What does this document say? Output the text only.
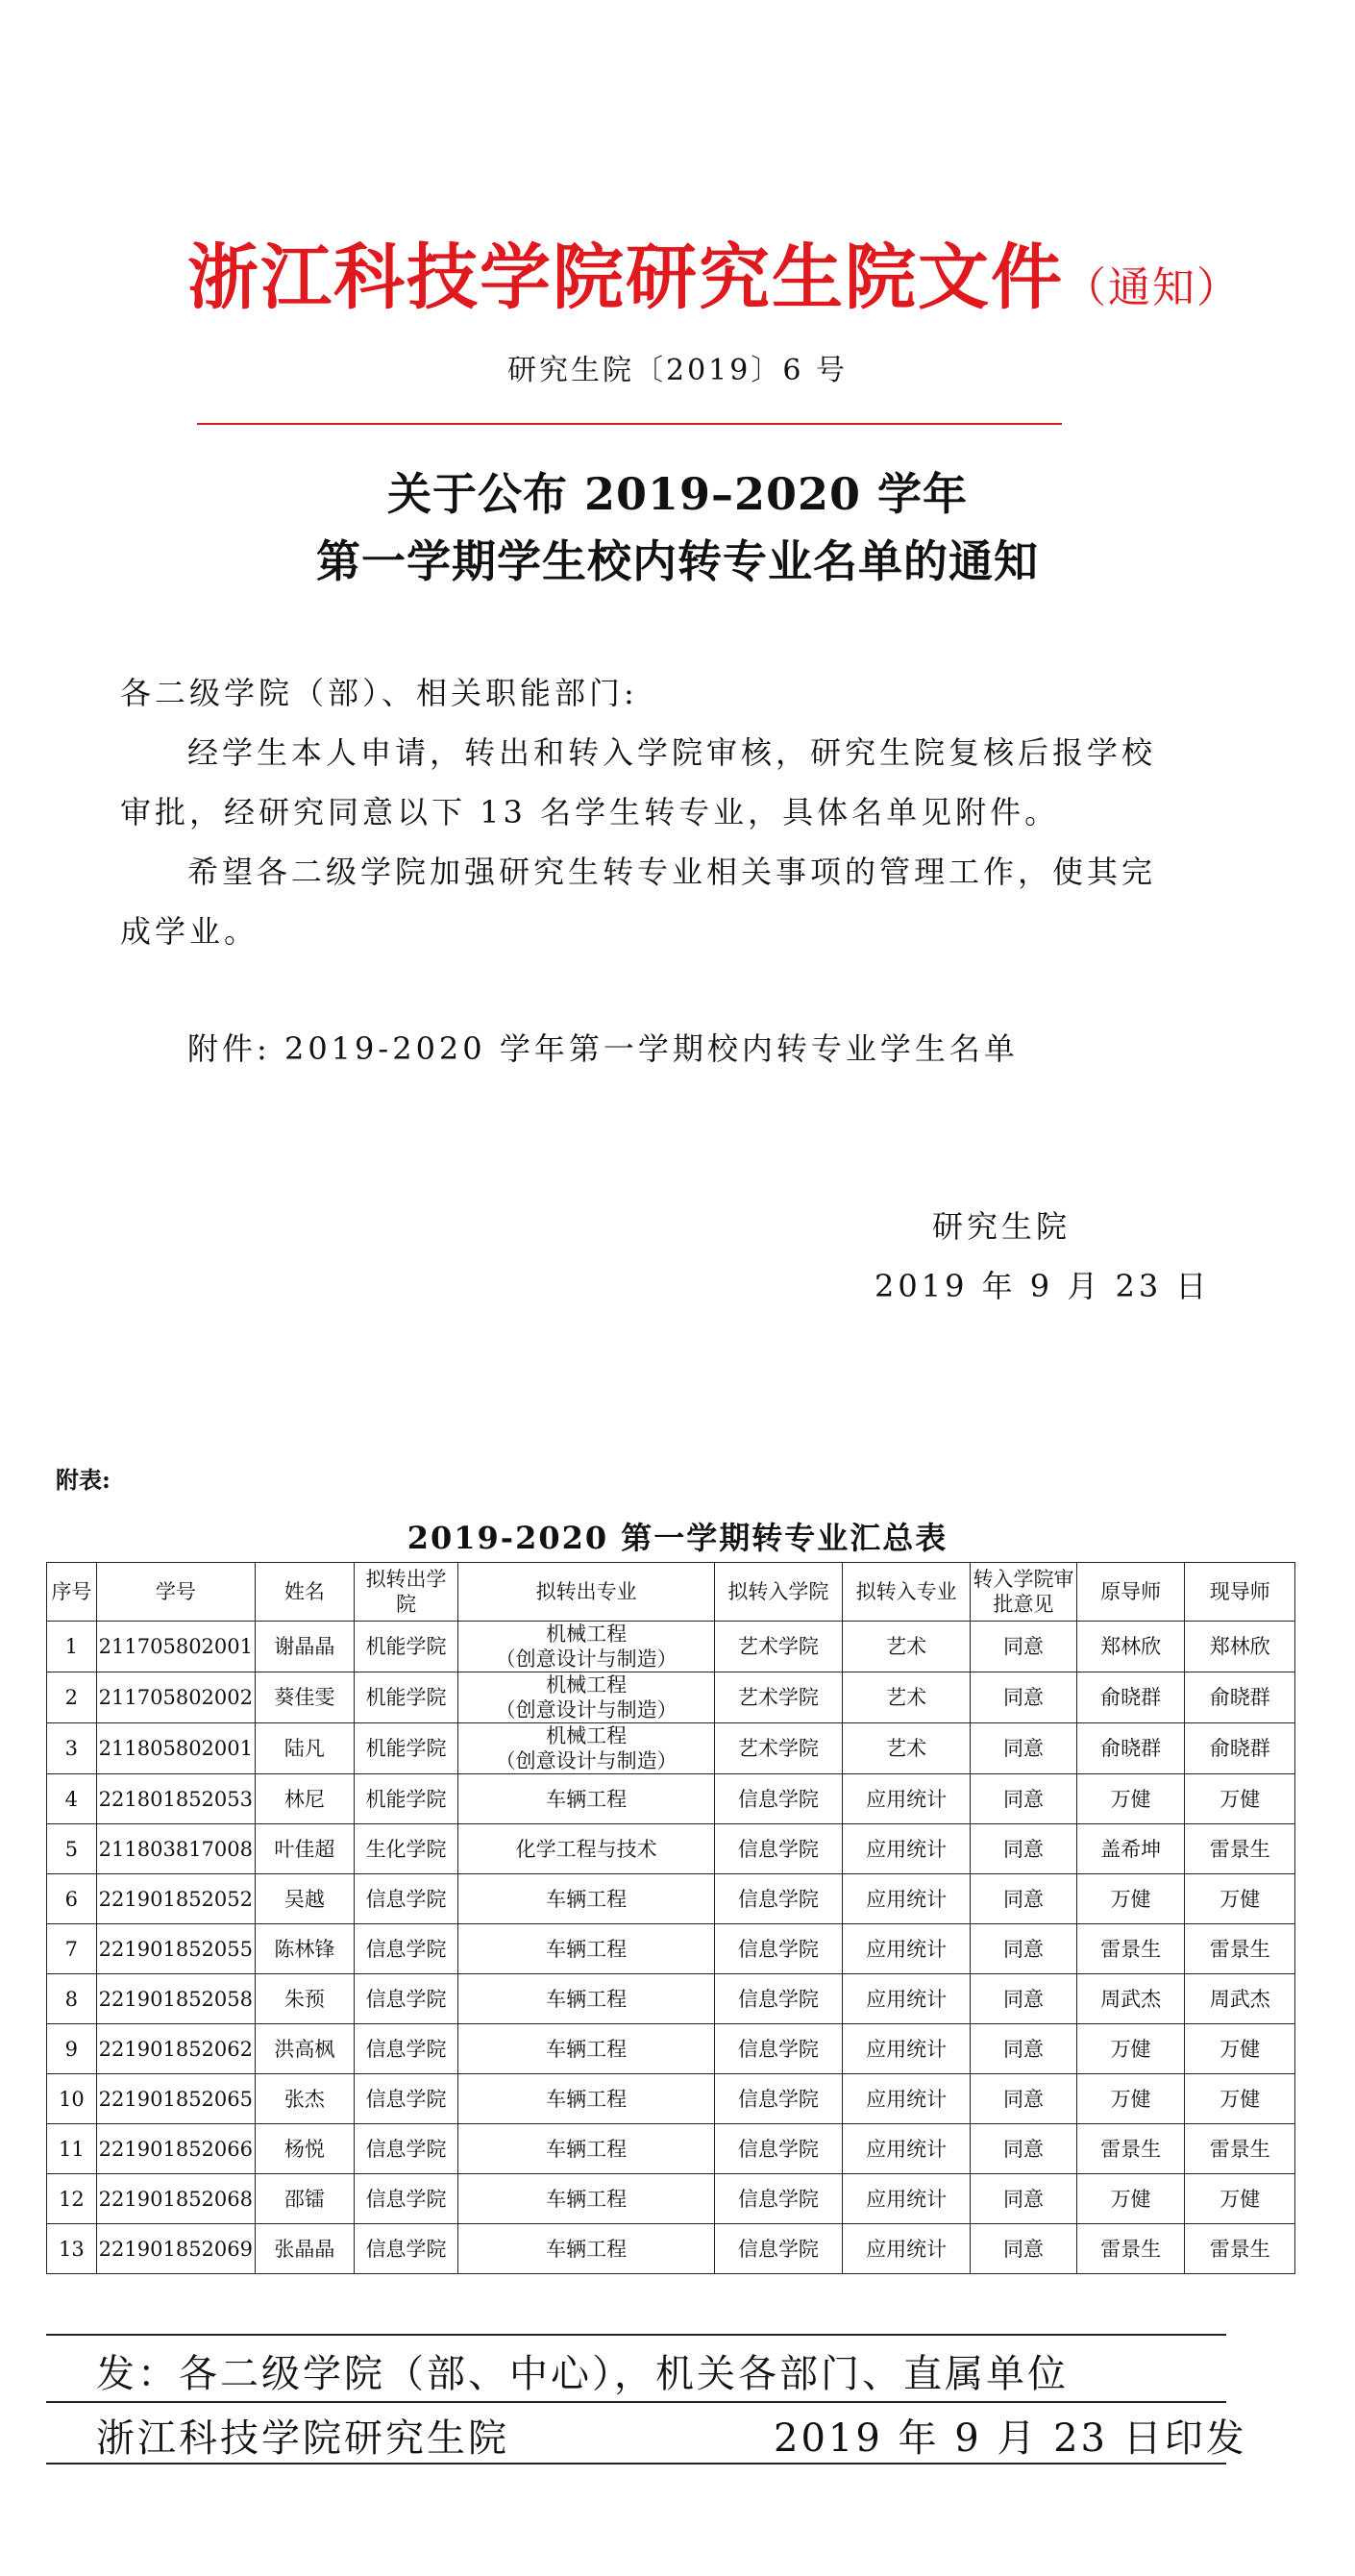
浙江科技学院研究生院文件（通知）
研究生院〔2019〕6 号
关于公布 2019–2020 学年
第一学期学生校内转专业名单的通知
各二级学院（部）、相关职能部门:
经学生本人申请，转出和转入学院审核，研究生院复核后报学校审批，经研究同意以下 13 名学生转专业，具体名单见附件。
希望各二级学院加强研究生转专业相关事项的管理工作，使其完成学业。
附件: 2019-2020 学年第一学期校内转专业学生名单
研究生院
2019 年 9 月 23 日
附表:
2019-2020 第一学期转专业汇总表
序号	学号	姓名	拟转出学院	拟转出专业	拟转入学院	拟转入专业	转入学院审批意见	原导师	现导师
1	211705802001	谢晶晶	机能学院	机械工程
（创意设计与制造）	艺术学院	艺术	同意	郑林欣	郑林欣
2	211705802002	葵佳雯	机能学院	机械工程
（创意设计与制造）	艺术学院	艺术	同意	俞晓群	俞晓群
3	211805802001	陆凡	机能学院	机械工程
（创意设计与制造）	艺术学院	艺术	同意	俞晓群	俞晓群
4	221801852053	林尼	机能学院	车辆工程	信息学院	应用统计	同意	万健	万健
5	211803817008	叶佳超	生化学院	化学工程与技术	信息学院	应用统计	同意	盖希坤	雷景生
6	221901852052	吴越	信息学院	车辆工程	信息学院	应用统计	同意	万健	万健
7	221901852055	陈林锋	信息学院	车辆工程	信息学院	应用统计	同意	雷景生	雷景生
8	221901852058	朱预	信息学院	车辆工程	信息学院	应用统计	同意	周武杰	周武杰
9	221901852062	洪高枫	信息学院	车辆工程	信息学院	应用统计	同意	万健	万健
10	221901852065	张杰	信息学院	车辆工程	信息学院	应用统计	同意	万健	万健
11	221901852066	杨悦	信息学院	车辆工程	信息学院	应用统计	同意	雷景生	雷景生
12	221901852068	邵镭	信息学院	车辆工程	信息学院	应用统计	同意	万健	万健
13	221901852069	张晶晶	信息学院	车辆工程	信息学院	应用统计	同意	雷景生	雷景生
发：各二级学院（部、中心），机关各部门、直属单位
浙江科技学院研究生院	2019 年 9 月 23 日印发
